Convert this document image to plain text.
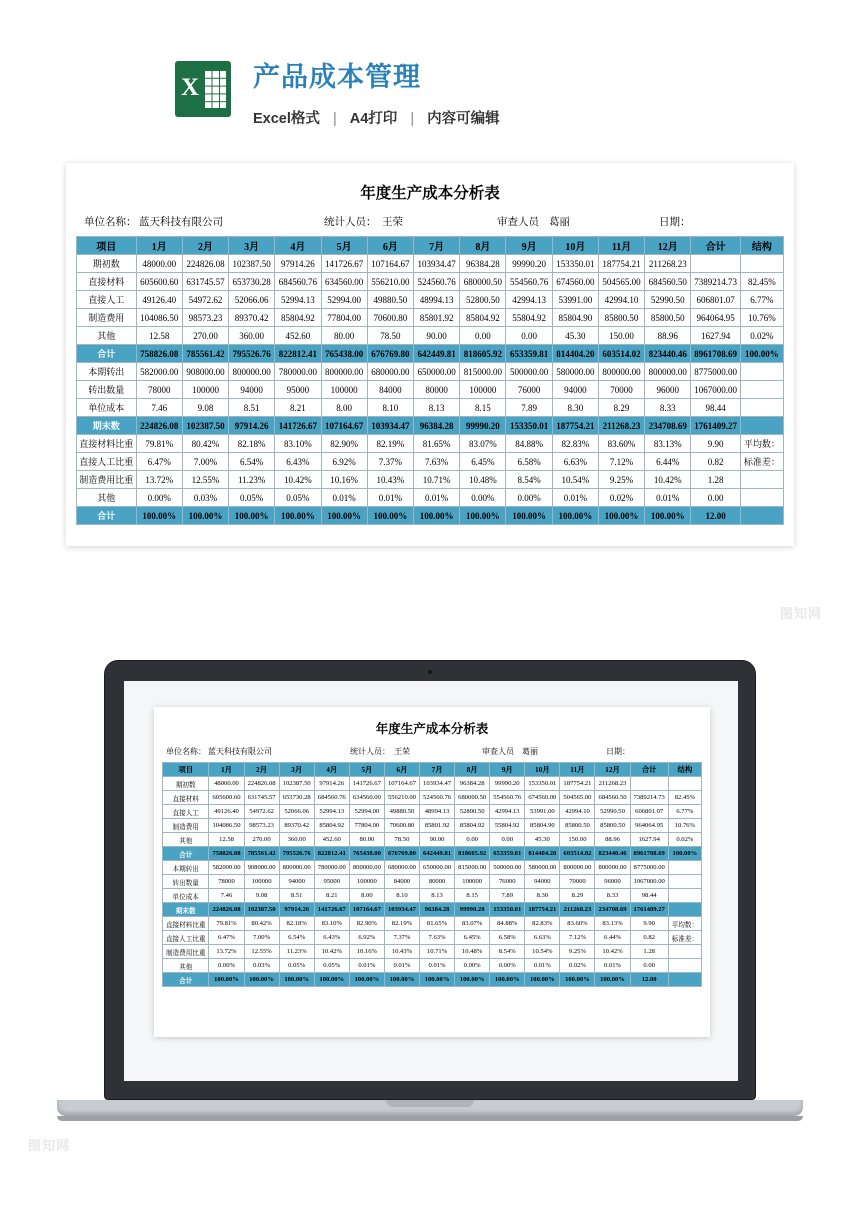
X 产品成本管理
Excel格式 | A4打印 | 内容可编辑
年度生产成本分析表
单位名称： 蓝天科技有限公司	统计人员： 王荣	审查人员 葛丽	日期：
项目	1月	2月	3月	4月	5月	6月	7月	8月	9月	10月	11月	12月	合计	结构
期初数	48000.00	224826.08	102387.50	97914.26	141726.67	107164.67	103934.47	96384.28	99990.20	153350.01	187754.21	211268.23		
直接材料	605600.60	631745.57	653730.28	684560.76	634560.00	556210.00	524560.76	680000.50	554560.76	674560.00	504565.00	684560.50	7389214.73	82.45%
直接人工	49126.40	54972.62	52066.06	52994.13	52994.00	49880.50	48994.13	52800.50	42994.13	53991.00	42994.10	52990.50	606801.07	6.77%
制造费用	104086.50	98573.23	89370.42	85804.92	77804.00	70600.80	85801.92	85804.92	55804.92	85804.90	85800.50	85800.50	964064.95	10.76%
其他	12.58	270.00	360.00	452.60	80.00	78.50	90.00	0.00	0.00	45.30	150.00	88.96	1627.94	0.02%
合计	758826.08	785561.42	795526.76	822812.41	765438.00	676769.80	642449.81	818605.92	653359.81	814404.20	603514.02	823440.46	8961708.69	100.00%
本期转出	582000.00	908000.00	800000.00	780000.00	800000.00	680000.00	650000.00	815000.00	500000.00	580000.00	800000.00	800000.00	8775000.00	
转出数量	78000	100000	94000	95000	100000	84000	80000	100000	76000	94000	70000	96000	1067000.00	
单位成本	7.46	9.08	8.51	8.21	8.00	8.10	8.13	8.15	7.89	8.30	8.29	8.33	98.44	
期末数	224826.08	102387.50	97914.26	141726.67	107164.67	103934.47	96384.28	99990.20	153350.01	187754.21	211268.23	234708.69	1761409.27	
直接材料比重	79.81%	80.42%	82.18%	83.10%	82.90%	82.19%	81.65%	83.07%	84.88%	82.83%	83.60%	83.13%	9.90	平均数：
直接人工比重	6.47%	7.00%	6.54%	6.43%	6.92%	7.37%	7.63%	6.45%	6.58%	6.63%	7.12%	6.44%	0.82	标准差：
制造费用比重	13.72%	12.55%	11.23%	10.42%	10.16%	10.43%	10.71%	10.48%	8.54%	10.54%	9.25%	10.42%	1.28	
其他	0.00%	0.03%	0.05%	0.05%	0.01%	0.01%	0.01%	0.00%	0.00%	0.01%	0.02%	0.01%	0.00	
合计	100.00%	100.00%	100.00%	100.00%	100.00%	100.00%	100.00%	100.00%	100.00%	100.00%	100.00%	100.00%	12.00	
图知网
图知网
年度生产成本分析表
单位名称： 蓝天科技有限公司	统计人员： 王荣	审查人员	葛丽	日期：
项目	1月	2月	3月	4月	5月	6月	7月	8月	9月	10月	11月	12月	合计	结构
期初数	48000.00	224826.08	102387.50	97914.26	141726.67	107164.67	103934.47	96384.28	99990.20	153350.01	187754.21	211268.23		
直接材料	605600.60	631745.57	653730.28	684560.76	634560.00	556210.00	524560.76	680000.50	554560.76	674560.00	504565.00	684560.50	7389214.73	82.45%
直接人工	49126.40	54972.62	52066.06	52994.13	52994.00	49880.50	48994.13	52800.50	42994.13	53991.00	42994.10	52990.50	606801.07	6.77%
制造费用	104086.50	98573.23	89370.42	85804.92	77804.00	70600.80	85801.92	85804.92	55804.92	85804.90	85800.50	85800.50	964064.95	10.76%
其他	12.58	270.00	360.00	452.60	80.00	78.50	90.00	0.00	0.00	45.30	150.00	88.96	1627.94	0.02%
合计	758826.08	785561.42	795526.76	822812.41	765438.00	676769.80	642449.81	818605.92	653359.81	814404.20	603514.02	823440.46	8961708.69	100.00%
本期转出	582000.00	908000.00	800000.00	780000.00	800000.00	680000.00	650000.00	815000.00	500000.00	580000.00	800000.00	800000.00	8775000.00	
转出数量	78000	100000	94000	95000	100000	84000	80000	100000	76000	94000	70000	96000	1067000.00	
单位成本	7.46	9.08	8.51	8.21	8.00	8.10	8.13	8.15	7.89	8.30	8.29	8.33	98.44	
期末数	224826.08	102387.50	97914.26	141726.67	107164.67	103934.47	96384.28	99990.20	153350.01	187754.21	211268.23	234708.69	1761409.27	
直接材料比重	79.81%	80.42%	82.18%	83.10%	82.90%	82.19%	81.65%	83.07%	84.88%	82.83%	83.60%	83.13%	9.90	平均数：
直接人工比重	6.47%	7.00%	6.54%	6.43%	6.92%	7.37%	7.63%	6.45%	6.58%	6.63%	7.12%	6.44%	0.82	标准差：
制造费用比重	13.72%	12.55%	11.23%	10.42%	10.16%	10.43%	10.71%	10.48%	8.54%	10.54%	9.25%	10.42%	1.28	
其他	0.00%	0.03%	0.05%	0.05%	0.01%	0.01%	0.01%	0.00%	0.00%	0.01%	0.02%	0.01%	0.00	
合计	100.00%	100.00%	100.00%	100.00%	100.00%	100.00%	100.00%	100.00%	100.00%	100.00%	100.00%	100.00%	12.00	
